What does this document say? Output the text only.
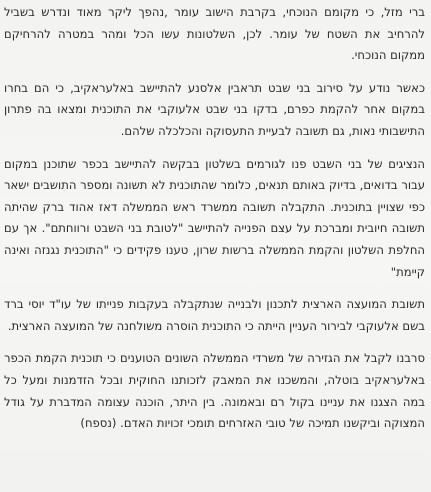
ברי מזל, כי מקומם הנוכחי, בקרבת הישוב עומר ,נהפך ליקר מאוד ונדרש בשביל להרחיב את השטח של עומר. לכן, השלטונות עשו הכל ומהר במטרה להרחיקם ממקום הנוכחי.

כאשר נודע על סירוב בני שבט תראבין אלסנע להתיישב באלעראקיב, כי הם בחרו במקום אחר להקמת כפרם, בדקו בני שבט אלעוקבי את התוכנית ומצאו בה פתרון התישבותי נאות, גם תשובה לבעיית התעסוקה והכלכלה שלהם.

הנציגים של בני השבט פנו לגורמים בשלטון בבקשה להתיישב בכפר שתוכנן במקום עבור בדואים, בדיוק באותם תנאים, כלומר שהתוכנית לא תשונה ומספר התושבים ישאר כפי שצויין בתוכנית. התקבלה תשובה ממשרד ראש הממשלה דאז אהוד ברק שהיתה תשובה חיובית ומברכת על עצם הפנייה להתיישב "לטובת בני השבט ורווחתם". אך עם החלפת השלטון והקמת הממשלה ברשות שרון, טענו פקידים כי "התוכנית נגנזה ואינה קיימת"

תשובת המועצה הארצית לתכנון ולבנייה שנתקבלה בעקבות פנייתו של עו"ד יוסי ברד בשם אלעוקבי לבירור העניין הייתה כי התוכנית הוסרה משולחנה של המועצה הארצית.

סרבנו לקבל את הגזירה של משרדי הממשלה השונים הטוענים כי תוכנית הקמת הכפר באלעראקיב בוטלה, והמשכנו את המאבק לזכותנו החוקית ובכל הזדמנות ומעל כל במה הצגנו את עניינו בקול רם ובאמונה. בין היתר, הוכנה עצומה המדברת על גודל המצוקה וביקשנו תמיכה של טובי האזרחים תומכי זכויות האדם. (נספח)
